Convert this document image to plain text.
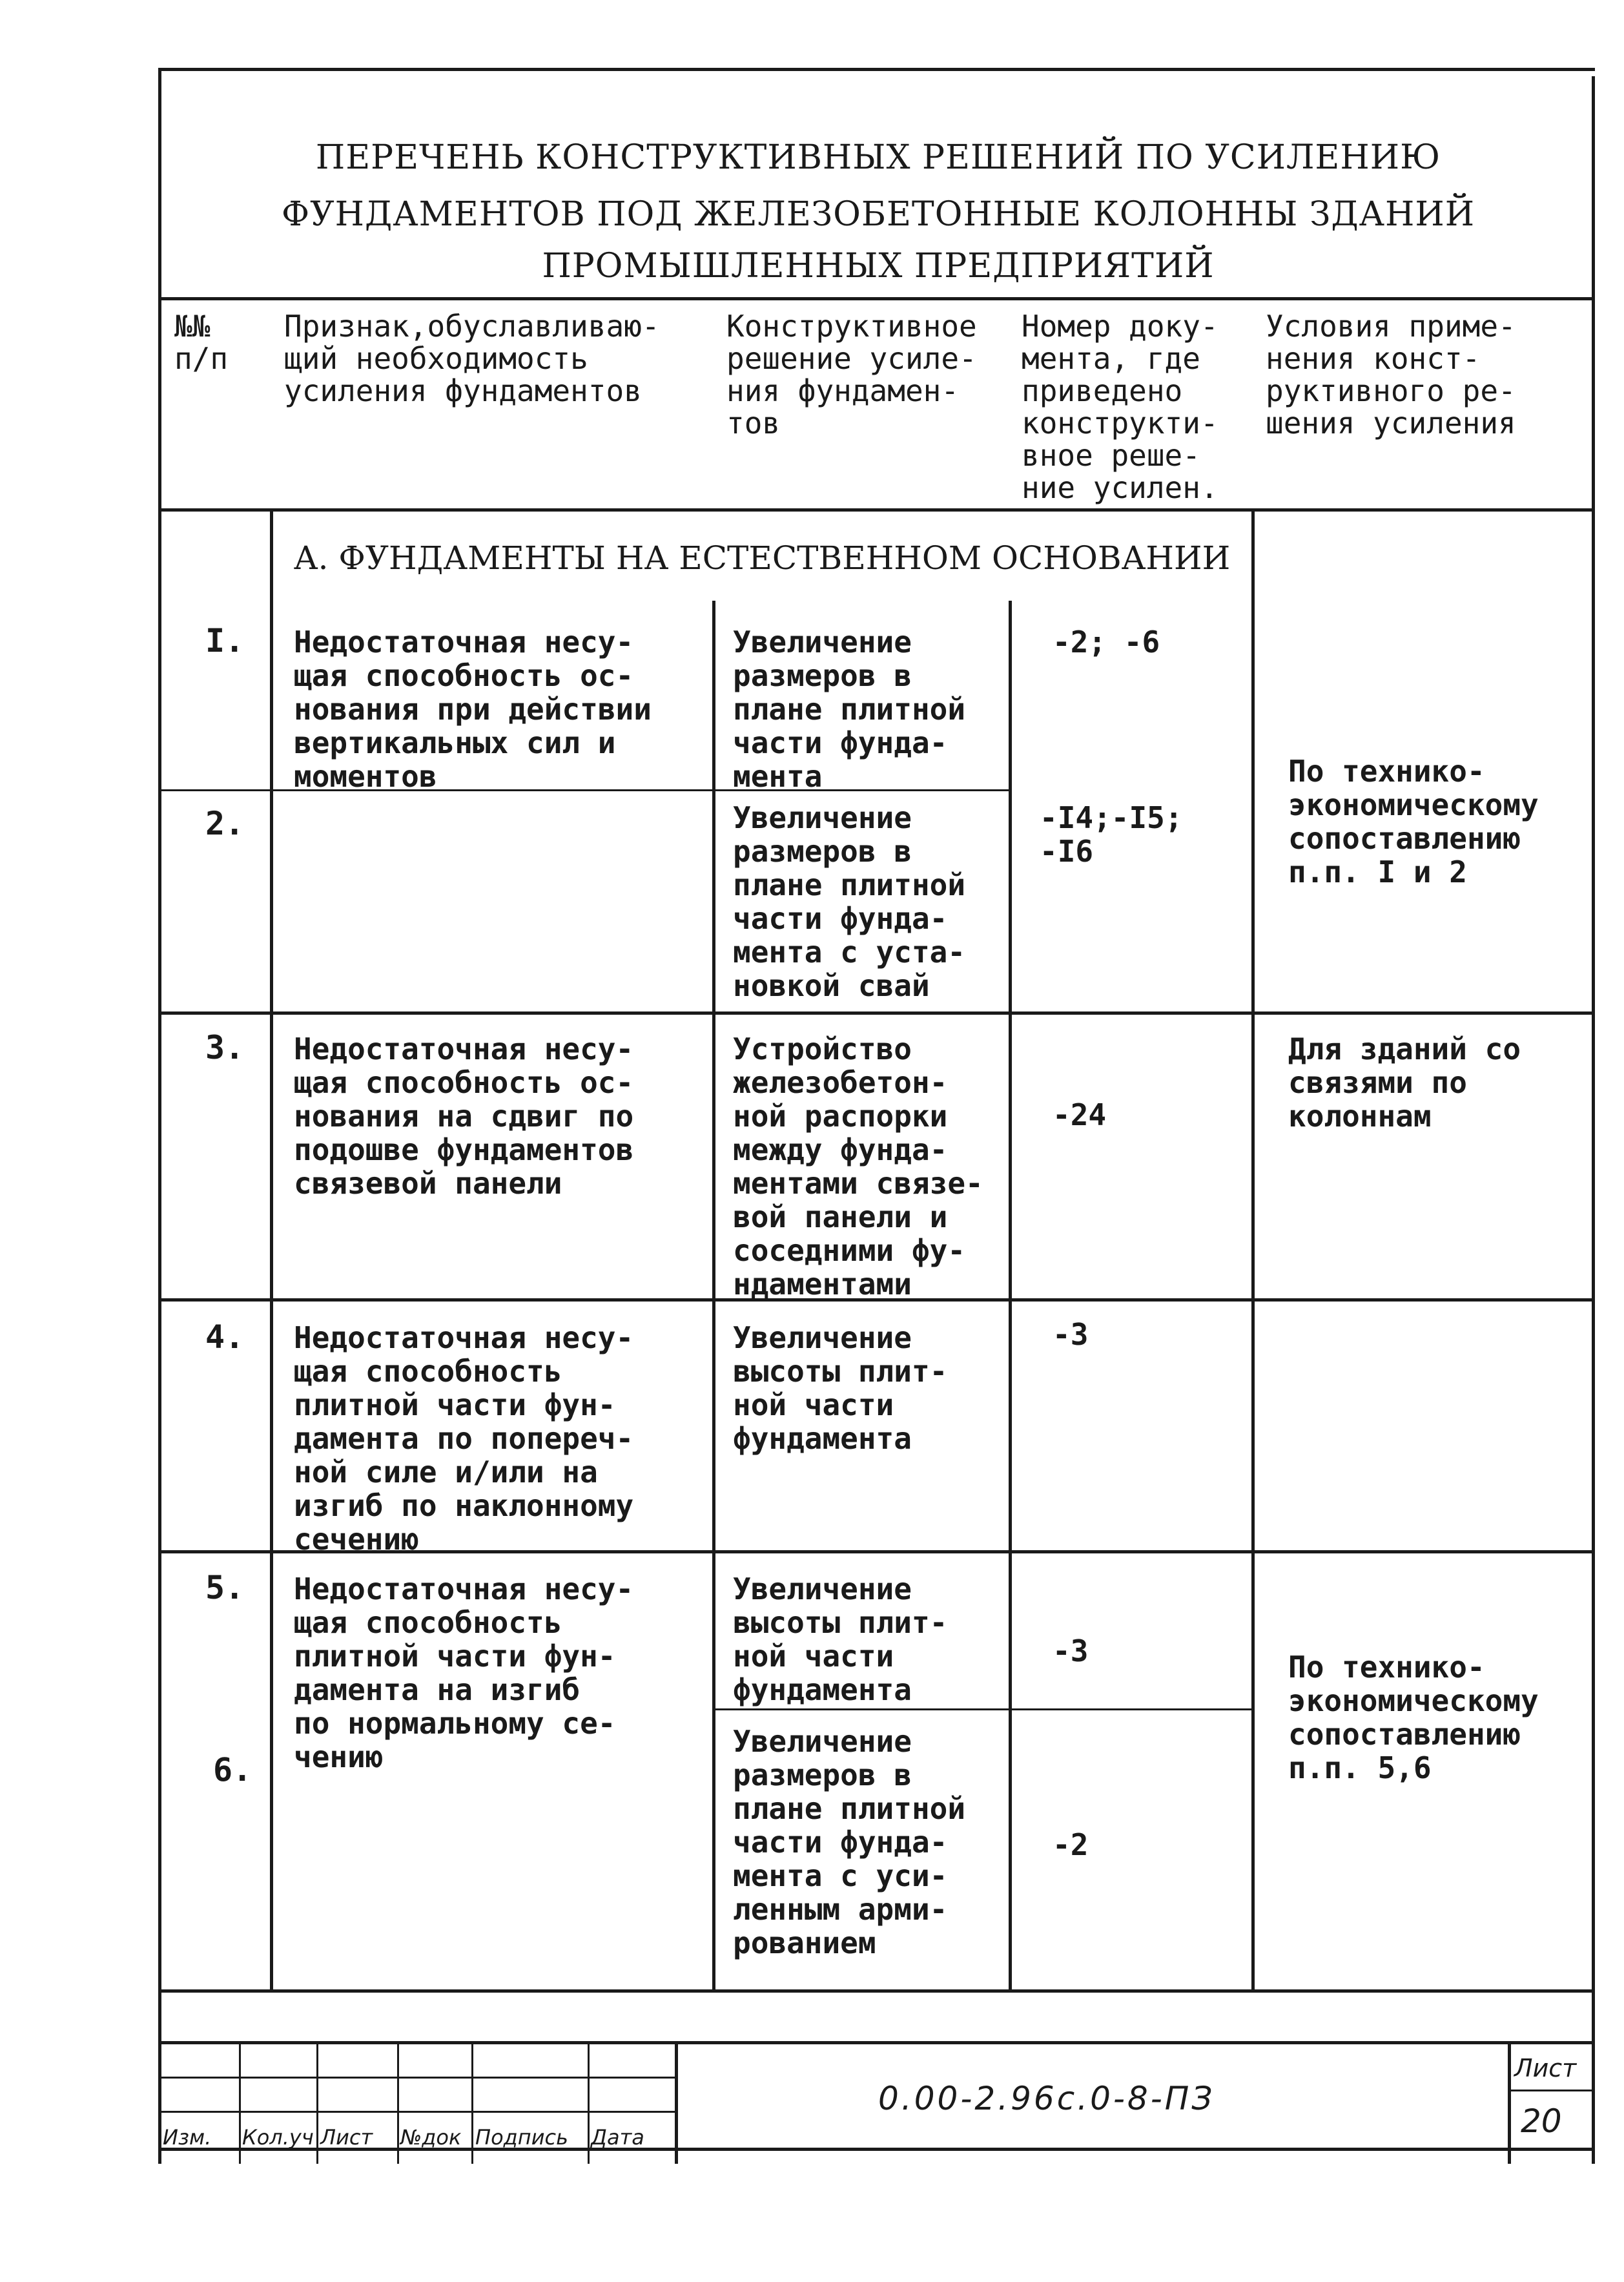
ПЕРЕЧЕНЬ КОНСТРУКТИВНЫХ РЕШЕНИЙ ПО УСИЛЕНИЮ
ФУНДАМЕНТОВ ПОД ЖЕЛЕЗОБЕТОННЫЕ КОЛОННЫ ЗДАНИЙ
ПРОМЫШЛЕННЫХ ПРЕДПРИЯТИЙ
№№
п/п
Признак,обуславливаю-
щий необходимость
усиления фундаментов
Конструктивное
решение усиле-
ния фундамен-
тов
Номер доку-
мента, где
приведено
конструкти-
вное реше-
ние усилен.
Условия приме-
нения конст-
руктивного ре-
шения усиления
А. ФУНДАМЕНТЫ НА ЕСТЕСТВЕННОМ ОСНОВАНИИ
I. Недостаточная несу-
щая способность ос-
нования при действии
вертикальных сил и
моментов
Увеличение
размеров в
плане плитной
части фунда-
мента
-2; -6
2.	Увеличение
размеров в
плане плитной
части фунда-
мента с уста-
новкой свай
-I4;-I5;
-I6
По технико-
экономическому
сопоставлению
п.п. I и 2
3. Недостаточная несу-
щая способность ос-
нования на сдвиг по
подошве фундаментов
связевой панели
Устройство
железобетон-
ной распорки
между фунда-
ментами связе-
вой панели и
соседними фу-
ндаментами
-24
Для зданий со
связями по
колоннам
4. Недостаточная несу-
щая способность
плитной части фун-
дамента по попереч-
ной силе и/или на
изгиб по наклонному
сечению
Увеличение
высоты плит-
ной части
фундамента
-3
5. Недостаточная несу-
щая способность
плитной части фун-
дамента на изгиб
по нормальному се-
чению
Увеличение
высоты плит-
ной части
фундамента
-3	По технико-
экономическому
сопоставлению
п.п. 5,6
6.
Увеличение
размеров в
плане плитной
части фунда-
мента с уси-
ленным арми-
рованием
-2
Изм. Кол.уч Лист №док Подпись Дата
0.00-2.96с.0-8-ПЗ
Лист
20
